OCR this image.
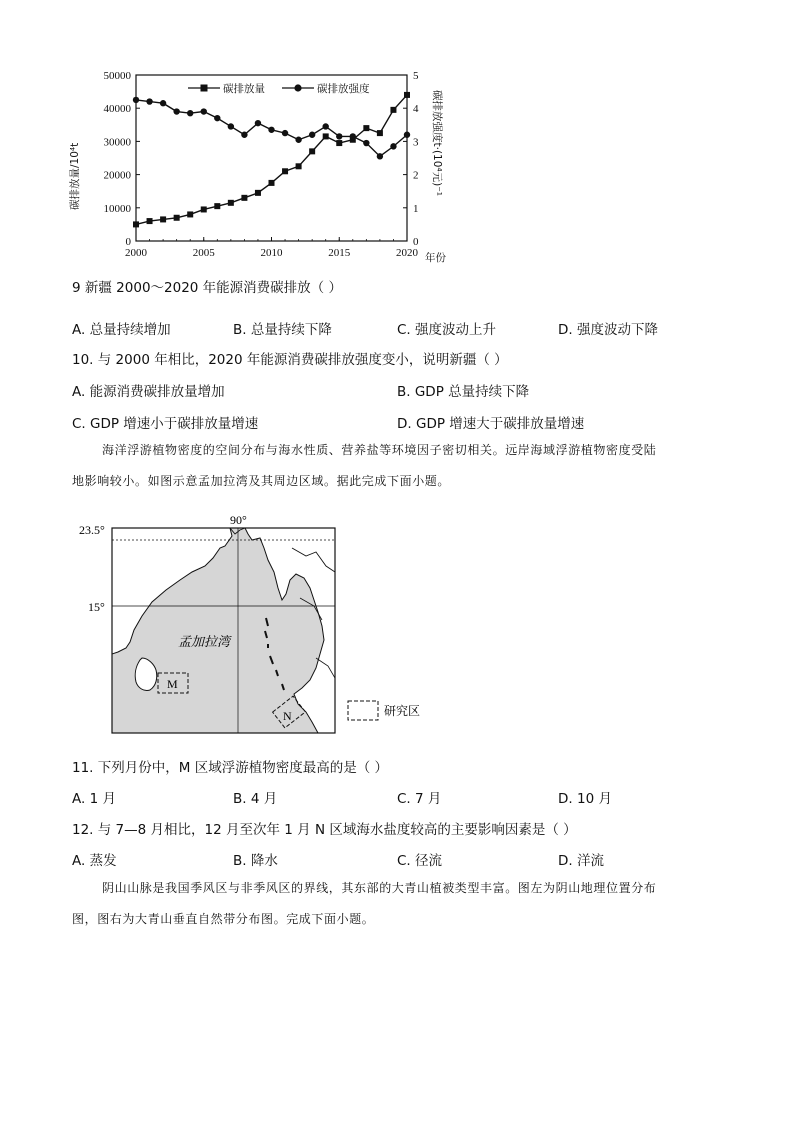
0
10000
20000
30000
40000
50000
0
1
2
3
4
5
2000	2005	2010	2015	2020
碳排放量	碳排放强度
碳排放量/10⁴t	碳排放强度t·(10⁴元)⁻¹
年份
9 新疆 2000～2020 年能源消费碳排放（ ）
A. 总量持续增加	B. 总量持续下降	C. 强度波动上升	D. 强度波动下降
10. 与 2000 年相比，2020 年能源消费碳排放强度变小，说明新疆（ ）
A. 能源消费碳排放量增加	B. GDP 总量持续下降
C. GDP 增速小于碳排放量增速	D. GDP 增速大于碳排放量增速
海洋浮游植物密度的空间分布与海水性质、营养盐等环境因子密切相关。远岸海域浮游植物密度受陆
地影响较小。如图示意孟加拉湾及其周边区域。据此完成下面小题。
23.5°
90°
15°
孟加拉湾
M
N	研究区
11. 下列月份中，M 区域浮游植物密度最高的是（ ）
A. 1 月	B. 4 月	C. 7 月	D. 10 月
12. 与 7—8 月相比，12 月至次年 1 月 N 区域海水盐度较高的主要影响因素是（ ）
A. 蒸发	B. 降水	C. 径流	D. 洋流
阴山山脉是我国季风区与非季风区的界线，其东部的大青山植被类型丰富。图左为阴山地理位置分布
图，图右为大青山垂直自然带分布图。完成下面小题。
